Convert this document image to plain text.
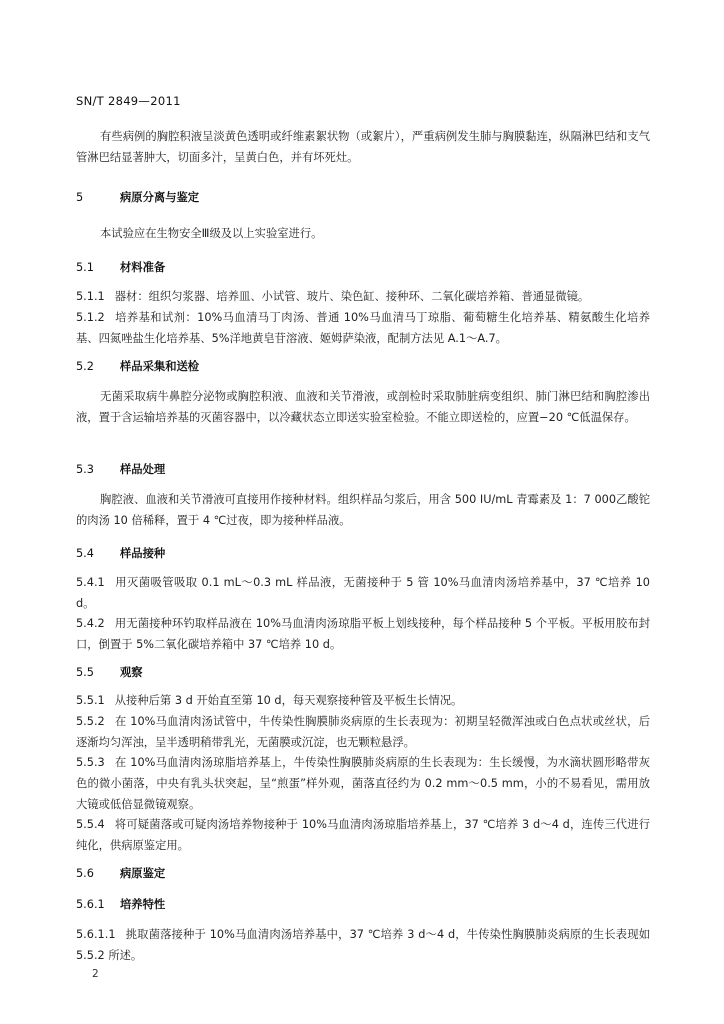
SN/T 2849—2011
有些病例的胸腔积液呈淡黄色透明或纤维素絮状物（或絮片），严重病例发生肺与胸膜黏连，纵隔淋巴结和支气管淋巴结显著肿大，切面多汁，呈黄白色，并有坏死灶。
5	病原分离与鉴定
本试验应在生物安全Ⅲ级及以上实验室进行。
5.1 材料准备
5.1.1 器材：组织匀浆器、培养皿、小试管、玻片、染色缸、接种环、二氧化碳培养箱、普通显微镜。
5.1.2 培养基和试剂：10%马血清马丁肉汤、普通 10%马血清马丁琼脂、葡萄糖生化培养基、精氨酸生化培养基、四氮唑盐生化培养基、5%洋地黄皂苷溶液、姬姆萨染液，配制方法见 A.1～A.7。
5.2 样品采集和送检
无菌采取病牛鼻腔分泌物或胸腔积液、血液和关节滑液，或剖检时采取肺脏病变组织、肺门淋巴结和胸腔渗出液，置于含运输培养基的灭菌容器中，以冷藏状态立即送实验室检验。不能立即送检的，应置−20 ℃低温保存。
5.3 样品处理
胸腔液、血液和关节滑液可直接用作接种材料。组织样品匀浆后，用含 500 IU/mL 青霉素及 1：7 000乙酸铊的肉汤 10 倍稀释，置于 4 ℃过夜，即为接种样品液。
5.4 样品接种
5.4.1 用灭菌吸管吸取 0.1 mL～0.3 mL 样品液，无菌接种于 5 管 10%马血清肉汤培养基中，37 ℃培养 10 d。
5.4.2 用无菌接种环钓取样品液在 10%马血清肉汤琼脂平板上划线接种，每个样品接种 5 个平板。平板用胶布封口，倒置于 5%二氧化碳培养箱中 37 ℃培养 10 d。
5.5 观察
5.5.1 从接种后第 3 d 开始直至第 10 d，每天观察接种管及平板生长情况。
5.5.2 在 10%马血清肉汤试管中，牛传染性胸膜肺炎病原的生长表现为：初期呈轻微浑浊或白色点状或丝状，后逐渐均匀浑浊，呈半透明稍带乳光，无菌膜或沉淀，也无颗粒悬浮。
5.5.3 在 10%马血清肉汤琼脂培养基上，牛传染性胸膜肺炎病原的生长表现为：生长缓慢，为水滴状圆形略带灰色的微小菌落，中央有乳头状突起，呈“煎蛋”样外观，菌落直径约为 0.2 mm～0.5 mm，小的不易看见，需用放大镜或低倍显微镜观察。
5.5.4 将可疑菌落或可疑肉汤培养物接种于 10%马血清肉汤琼脂培养基上，37 ℃培养 3 d～4 d，连传三代进行纯化，供病原鉴定用。
5.6 病原鉴定
5.6.1 培养特性
5.6.1.1 挑取菌落接种于 10%马血清肉汤培养基中，37 ℃培养 3 d～4 d，牛传染性胸膜肺炎病原的生长表现如 5.5.2 所述。
2
